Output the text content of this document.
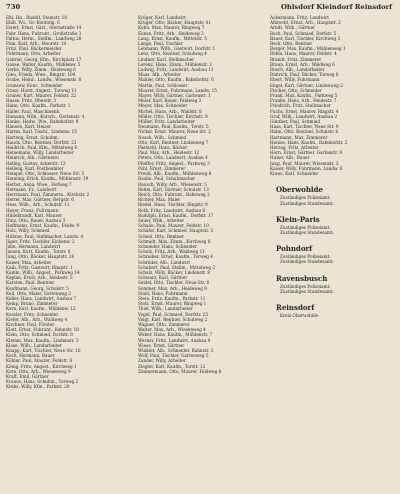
730	Ohlsdorf Kleindorf Reinsdorf
Ehl. Hn., Rudolf, Steinstr. 10
Ehlb. Wo., Gr.-Borstelg. 6
Ewert, Ernst, Gärt., Sternstraße 14
Fahr. Hans, Fuhrunt., Großstraße 3
Faltus, Herm., Stellm., Landweg 28
Fink, Karl, Arb., Moorstr. 14
Fritz, Paul, Bäckermeister
Fuhrmann, Otto, Arbeiter
Gabriel, Georg, Kfm., Kirchplatz 17
Gause, Walter, Kaufm., Mühlenw. 5
Gerke, Willy, Zimm., Heideweg 6
Gleu, Frieda, Wwe., Ringstr. 104
Grabe, Heinr., Landw., Wiesenstr. 8
Gransow, Konr., Schneider
Grass, Horst, Angest., Torweg 11
Gruner, Kurt, Maurer, Feldstr. 22
Haase, Fritz, Oberstr. 3
Hahn, Otto, Kaufm., Parkstr. 1
Haller, Paul, Maschinenb.
Hamann, Wilh., Kutsch., Gartenstr. 4
Hanke, Hedw., Ww., Bahnhofstr. 9
Hansen, Kurt, Heizer
Harms, Karl, Tischl., Lindenw. 15
Hartwig, Ernst, Schuhm.
Hauck, Otto, Rentner, Dorfstr. 21
Heidrich, Paul, Kfm., Mittelweg 6
Heinemann, Willy, Landarbeiter
Heinrich, Alb., Gärtnerei
Helbig, Gustav, Ackerstr. 12
Hellwig, Karl, Postbeamter
Hempel, Otto, Schlosser, Neue Str. 3
Henning, Erich, Kaufm., Mühlenstr. 19
Herbst, Anna, Wwe., Hofweg 7
Hermann, Fr., Landwirt
Herrmann, Paul, Zimmerm., Kirchstr. 2
Hertel, Max, Gärtner, Bergstr. 6
Hess, Wilh., Arb., Schulstr. 11
Heyer, Franz, Fuhrmann
Hildebrandt, Karl, Maurer
Hinz, Otto, Bauer, Ausbau 3
Hoffmann, Ernst, Kaufm., Feldw. 9
Holz, Willy, Schmied
Hübner, Paul, Stellmacher, Landw. 4
Jäger, Fritz, Tischler, Eichenw. 2
Jahn, Hermann, Landwirt
Jansen, Kurt, Kaufm., Torstr. 8
Jung, Otto, Bäcker, Hauptstr. 26
Kaiser, Max, Arbeiter
Kalb, Fritz, Gastwirt, Ringstr. 1
Kamm, Wilh., Angest., Parkweg 14
Kaplan, Erich, Arb., Heidestr. 3
Karsten, Paul, Rentner
Kaufmann, Georg, Schulstr. 5
Keil, Otto, Maler, Gartenweg 2
Keller, Hans, Landwirt, Ausbau 7
Kemp, Bruno, Zimmerer
Kern, Karl, Kaufm., Mühlenw. 12
Kessler, Fritz, Schneider
Kiefer, Alb., Arb., Waldweg 4
Kirchner, Paul, Förster
Klatt, Ernst, Fuhrunt., Bahnstr. 18
Klein, Otto, Schmied, Dorfstr. 8
Klemm, Max, Kaufm., Lindenstr. 3
Klose, Wilh., Landarbeiter
Knapp, Kurt, Tischler, Neue Str. 10
Koch, Hermann, Bauer
Köhler, Paul, Maurer, Feldstr. 6
König, Fritz, Angest., Kirchweg 1
Korn, Otto, Arb., Wiesenweg 9
Kraft, Emil, Gärtner
Krause, Hans, Schuhm., Torweg 2
Krebs, Willy, Kfm., Parkstr. 20
Kröger, Karl, Landwirt
Krüger, Otto, Bäcker, Hauptstr. 41
Kuhn, Max, Maurer, Ringweg 7
Kunze, Fritz, Arb., Heideweg 3
Lang, Ernst, Kaufm., Mittelstr. 5
Lange, Paul, Tischler
Lehmann, Wilh., Gastwirt, Dorfstr. 1
Lenz, Otto, Rentner, Schulweg 4
Lindner, Karl, Stellmacher
Lorenz, Hans, Zimm., Mühlenstr. 2
Ludwig, Fritz, Landwirt, Ausbau 11
Maas, Alb., Arbeiter
Mahler, Otto, Kaufm., Bahnhofstr. 6
Martin, Paul, Schlosser
Maurer, Ernst, Fuhrmann, Landw. 15
Mayer, Willy, Gärtner, Gartenstr. 1
Meier, Karl, Bauer, Feldweg 3
Meyer, Max, Schneider
Michel, Hans, Arb., Waldstr. 8
Möller, Otto, Tischler, Kirchstr. 9
Müller, Fritz, Landarbeiter
Neumann, Paul, Kaufm., Torstr. 5
Nickel, Ernst, Maurer, Neue Str. 2
Noack, Wilh., Schmied
Otto, Karl, Rentner, Lindenweg 7
Paetzold, Hans, Bäcker
Paul, Max, Arb., Heidestr. 12
Peters, Otto, Landwirt, Ausbau 4
Pfeiffer, Fritz, Angest., Parkweg 3
Pohl, Ernst, Zimmerer
Preuß, Alb., Kaufm., Mühlenweg 8
Raabe, Paul, Schuhmacher
Rausch, Willy, Arb., Wiesenstr. 5
Rehm, Karl, Gärtner, Schulstr. 13
Reich, Otto, Fuhrunt., Bahnweg 2
Richter, Max, Maler
Riedel, Hans, Tischler, Ringstr. 9
Roth, Fritz, Landwirt, Ausbau 6
Rudolph, Ernst, Kaufm., Dorfstr. 17
Sauer, Wilh., Arbeiter
Schade, Paul, Maurer, Feldstr. 10
Schäfer, Karl, Schmied, Hauptstr. 3
Scheel, Otto, Rentner
Schmidt, Max, Zimm., Kirchweg 6
Schneider, Hans, Schneider
Scholz, Fritz, Arb., Waldweg 11
Schreiber, Ernst, Kaufm., Torweg 4
Schröder, Alb., Landwirt
Schubert, Paul, Stellm., Mittelweg 2
Schulz, Willy, Bäcker, Lindenstr. 8
Schwarz, Karl, Gärtner
Seidel, Otto, Tischler, Neue Str. 6
Sommer, Max, Arb., Heideweg 9
Stahl, Hans, Fuhrmann
Stein, Fritz, Kaufm., Parkstr. 11
Stolz, Ernst, Maurer, Ringweg 1
Thiel, Wilh., Landarbeiter
Vogel, Paul, Schmied, Dorfstr. 23
Voigt, Karl, Rentner, Schulweg 2
Wagner, Otto, Zimmerer
Walter, Max, Arb., Wiesenweg 4
Weber, Hans, Kaufm., Mühlenstr. 7
Werner, Fritz, Landwirt, Ausbau 9
Wiese, Ernst, Gärtner
Winkler, Alb., Schneider, Bahnstr. 3
Wolf, Paul, Tischler, Gartenweg 5
Zander, Willy, Arbeiter
Ziegler, Karl, Kaufm., Torstr. 12
Zimmermann, Otto, Maurer, Feldweg 8
Ackermann, Fritz, Landwirt
Albrecht, Ernst, Arb., Hauptstr. 2
Arndt, Wilh., Gärtner
Bach, Paul, Schmied, Dorfstr. 5
Bauer, Karl, Tischler, Kirchweg 3
Beck, Otto, Rentner
Berger, Max, Kaufm., Mühlenweg 1
Böhm, Hans, Maurer, Feldstr. 4
Brandt, Fritz, Zimmerer
Braun, Ernst, Arb., Waldweg 6
Busch, Alb., Landarbeiter
Dietrich, Paul, Bäcker, Torweg 8
Ebert, Willy, Fuhrmann
Engel, Karl, Gärtner, Lindenweg 2
Fischer, Otto, Schneider
Frank, Max, Kaufm., Parkweg 5
Franke, Hans, Arb., Heidestr. 7
Friedrich, Fritz, Stellmacher
Fuchs, Ernst, Maurer, Ringstr. 4
Graf, Wilh., Landwirt, Ausbau 2
Günther, Paul, Schmied
Haas, Karl, Tischler, Neue Str. 9
Hahn, Otto, Rentner, Schulstr. 6
Hartmann, Max, Zimmerer
Heinze, Hans, Kaufm., Bahnhofstr. 2
Herzog, Fritz, Arbeiter
Horn, Ernst, Gärtner, Gartenstr. 9
Huber, Alb., Bauer
Jung, Paul, Maurer, Wiesenstr. 3
Kaiser, Willy, Fuhrmann, Landw. 6
Kraus, Karl, Schneider
Oberwohlde
Zuständiges Polizeiamt:
Zuständiges Standesamt:
Klein-Paris
Zuständiges Polizeiamt:
Zuständiges Standesamt:
Pohndorf
Zuständiges Polizeiamt:
Zuständiges Standesamt:
Ravensbusch
Zuständiges Polizeiamt:
Zuständiges Standesamt:
Reinsdorf
Kreis Oberwohlde
